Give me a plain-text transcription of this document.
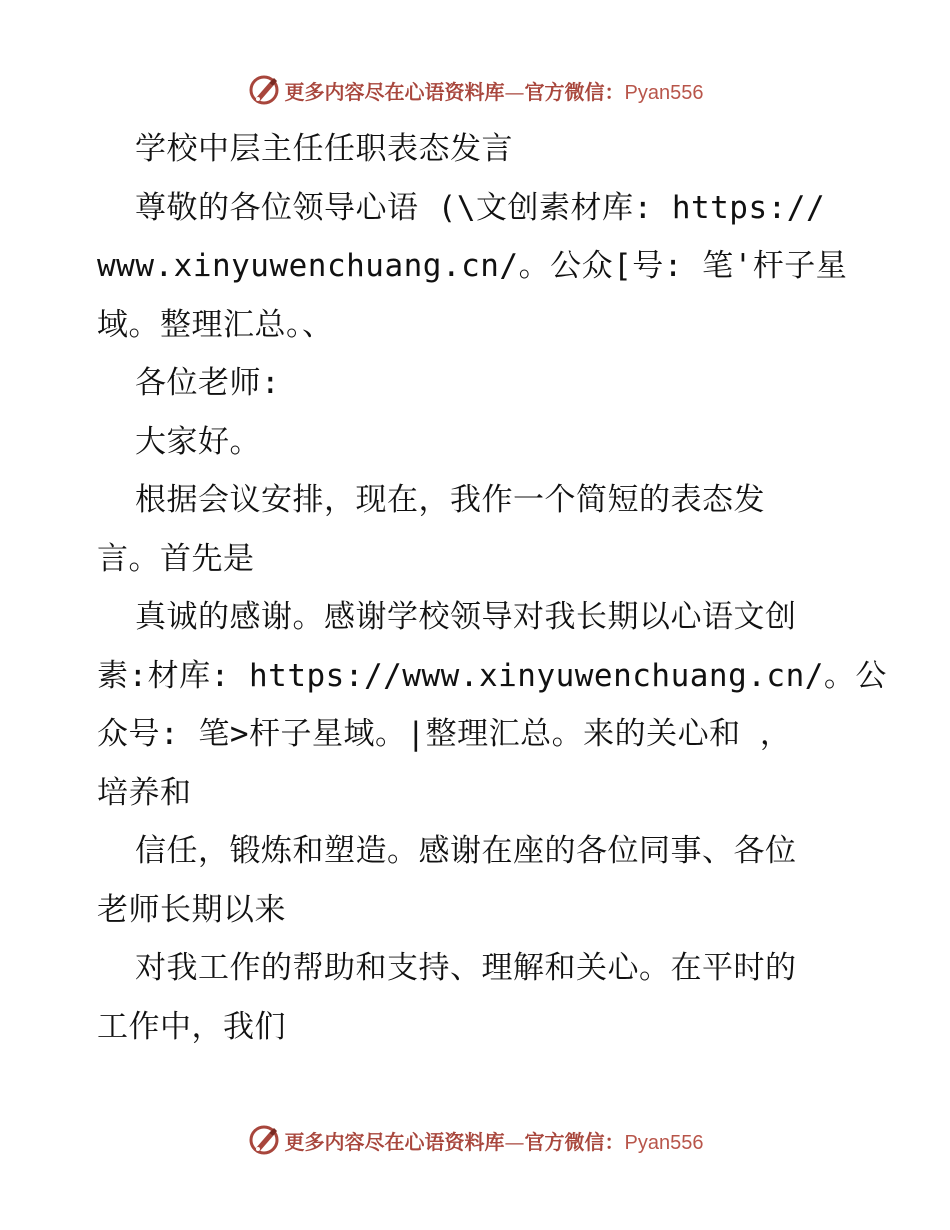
更多内容尽在心语资料库—官方微信：Pyan556

学校中层主任任职表态发言

尊敬的各位领导心语 (\文创素材库: https://

www.xinyuwenchuang.cn/。公众[号: 笔'杆子星

域。整理汇总。、

各位老师:

大家好。

根据会议安排，现在，我作一个简短的表态发

言。首先是

真诚的感谢。感谢学校领导对我长期以心语文创

素:材库: https://www.xinyuwenchuang.cn/。公

众号: 笔>杆子星域。|整理汇总。来的关心和 ，

培养和

信任，锻炼和塑造。感谢在座的各位同事、各位

老师长期以来

对我工作的帮助和支持、理解和关心。在平时的

工作中，我们

更多内容尽在心语资料库—官方微信：Pyan556
